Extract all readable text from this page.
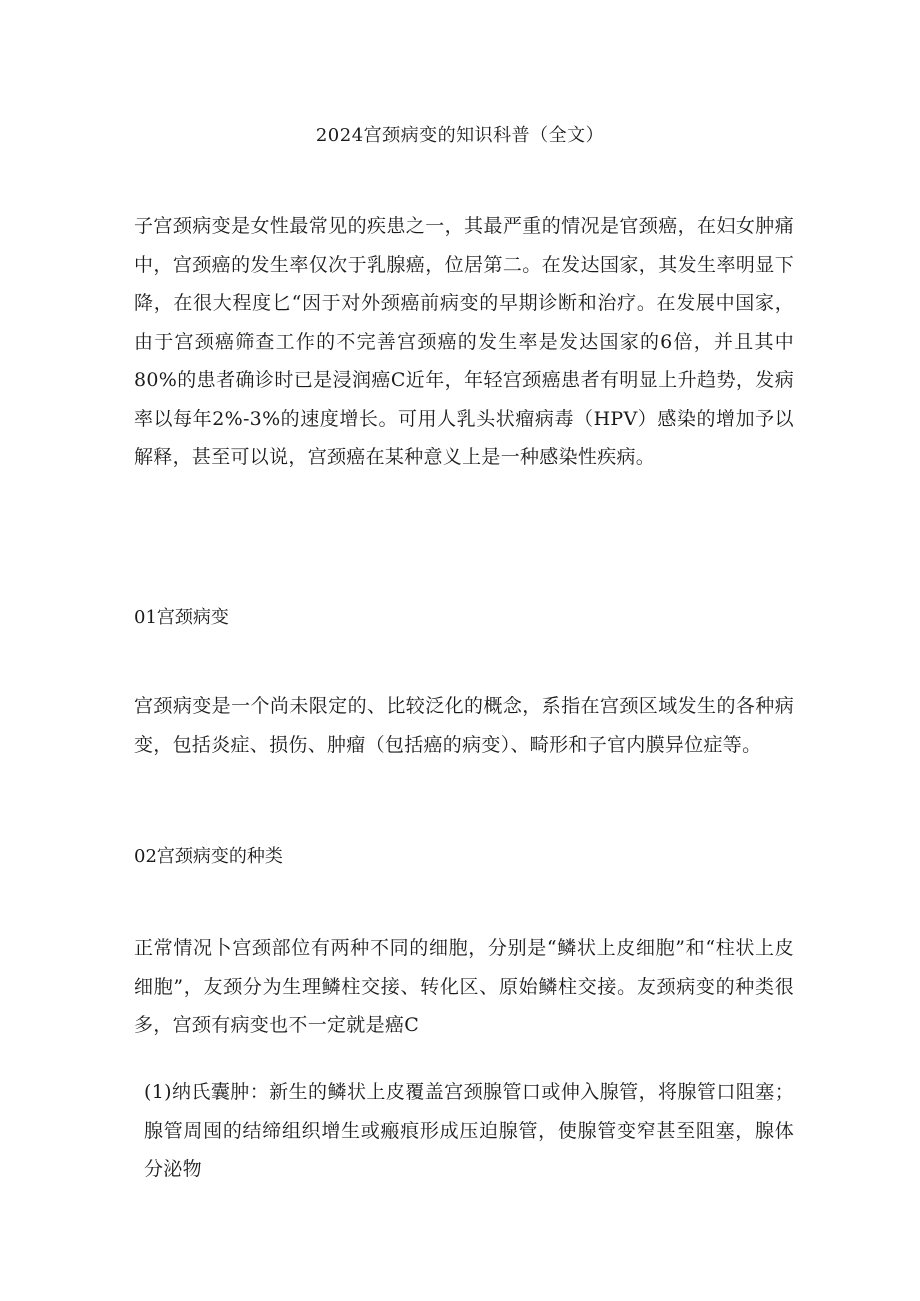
2024宫颈病变的知识科普（全文）
子宫颈病变是女性最常见的疾患之一，其最严重的情况是官颈癌，在妇女肿痛中，宫颈癌的发生率仅次于乳腺癌，位居第二。在发达国家，其发生率明显下降，在很大程度匕“因于对外颈癌前病变的早期诊断和治疗。在发展中国家，由于宫颈癌筛查工作的不完善宫颈癌的发生率是发达国家的6倍，并且其中80%的患者确诊时已是浸润癌C近年，年轻宫颈癌患者有明显上升趋势，发病率以每年2%-3%的速度增长。可用人乳头状瘤病毒（HPV）感染的增加予以解释，甚至可以说，宫颈癌在某种意义上是一种感染性疾病。
01宫颈病变
宫颈病变是一个尚未限定的、比较泛化的概念，系指在宫颈区域发生的各种病变，包括炎症、损伤、肿瘤（包括癌的病变）、畸形和子官内膜异位症等。
02宫颈病变的种类
正常情况卜宫颈部位有两种不同的细胞，分别是“鳞状上皮细胞”和“柱状上皮细胞”，友颈分为生理鳞柱交接、转化区、原始鳞柱交接。友颈病变的种类很多，宫颈有病变也不一定就是癌C
(1)纳氏囊肿：新生的鳞状上皮覆盖宫颈腺管口或伸入腺管，将腺管口阻塞；腺管周囤的结缔组织增生或瘢痕形成压迫腺管，使腺管变窄甚至阻塞，腺体分泌物
